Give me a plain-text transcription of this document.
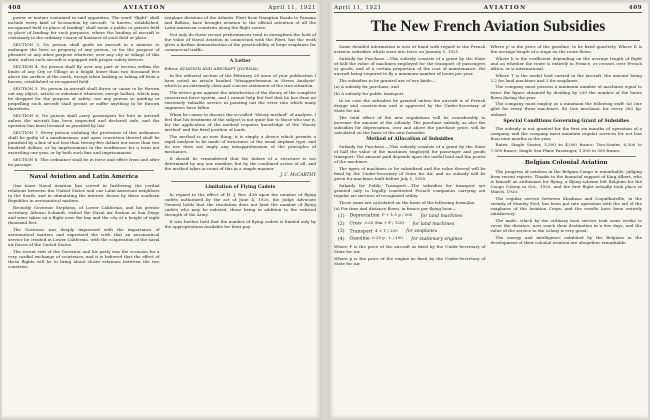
408	AVIATION	April 11, 1921

power or motors contained in said apparatus. The word "flight" shall include every kind of locomotion by aircraft. "A known, established, recognized field or place of landing" shall mean a public or private field or place of landing for such purposes, where the landing of aircraft is customary in the ordinary course of business of such field or place.

SECTION 3. No person shall guide an aircraft in a manner to endanger the lives or property of any person, or for the purpose of pleasure or any other purpose whatever, over any city or village of this state, unless such aircraft is equipped with proper safety devices.

SECTION 4. No person shall fly over any part or section within the limits of any City or Village at a height lower than two thousand feet above the surface of the earth, except when landing or taking off from a known, established or recognized field.

SECTION 5. No person in aircraft shall throw or cause to be thrown out any object, article or substance whatever, except ballast, which may be dropped for the purpose of safety; nor any person so guiding or propelling such aircraft shall permit or suffer anything to be thrown therefrom.

SECTION 6. No person shall carry passengers for hire in aircraft unless the aircraft has been inspected and declared safe, and the operator has been licensed as provided by law.

SECTION 7. Every person violating the provisions of this ordinance shall be guilty of a misdemeanor, and upon conviction thereof shall be punished by a fine of not less than twenty-five dollars nor more than two hundred dollars, or by imprisonment in the workhouse for a term not exceeding one year, or by both such fine and imprisonment.

SECTION 8. This ordinance shall be in force and effect from and after its passage.

Naval Aviation and Latin America

One more Naval Aviation has scored in furthering the cordial relations between the United States and our Latin-American neighbors to the South, and in stimulating the interest shown by these southern Republics in aeronautical matters.

Recently Governor Stephens, of Lower California, and his private secretary, Alfonso Schmidt, visited the Naval Air Station at San Diego and were taken on a flight over the bay and the city at a height of eight thousand feet.

The Governor was deeply impressed with the importance of aeronautical matters and expressed the wish that an aeronautical service be created in Lower California, with the cooperation of the naval air forces of the United States.

The recent visit of the Governor and his party was the occasion for a very cordial exchange of courtesies, and it is believed that the effect of these flights will be to bring about closer relations between the two countries.

seaplane divisions of the Atlantic Fleet from Hampton Roads to Panama and Balboa, have brought aviation to the official attention of all the Latin-American countries along the flight routes.

Not only do these recent performances tend to strengthen the hold of the value of Naval Aviation in connection with the Fleet, but the work gives a further demonstration of the practicability of large seaplanes for commercial traffic.

A Letter

Editor, AVIATION AND AIRCRAFT JOURNAL:

In the editorial section of the February 28 issue of your publication I have noted an article headed "Misapprehension in Stress Analysis" which is an extremely clear and concise statement of the true situation.

The writer goes against the introduction of the theory of the complete concurrent force system, and I cannot help but feel that he has done an extremely valuable service in pointing out the error into which many engineers have fallen.

When he comes to discuss the so-called "theory method" of analysis, I feel that his treatment of the subject is not quite fair to those who use it, for the application of the method requires knowledge of the 'theory method' and the fixed position of loads.

The method is no new thing; it is simply a device which permits a rapid analysis to be made of structures of the usual airplane type, and its use does not imply any misapprehension of the principles of mechanics.

It should be remembered that the failure of a structure is not determined by any one member, but by the combined action of all, and the method takes account of this in a simple manner.

J. C. McCARTHY
Limitation of Flying Cadets

In regard to the effect of H. J. Res. 438 upon the number of flying cadets authorized by the act of June 4, 1920, the Judge Advocate General holds that the resolution does not limit the number of flying cadets who may be enlisted, these being in addition to the enlisted strength of the Army.

It was further held that the number of flying cadets is limited only by the appropriations available for their pay.

April 11, 1921	AVIATION	409
The New French Aviation Subsidies

Some detailed information is now at hand with regard to the French aviation subsidies which went into force on January 1, 1921.

Subsidy for Purchase.—This subsidy consists of a grant by the State of half the value of machines employed for the transport of passengers or goods, and of a certain proportion of the cost of maintenance, the aircraft being required to fly a minimum number of hours per year.

The subsidies to be granted are of two kinds—

(a) A subsidy for purchase, and

(b) A subsidy for public transport.

In no case the subsidies be granted unless the aircraft is of French design and construction and is approved by the Under-Secretary of State for Air.

The total effect of the new regulations will be considerably to increase the amount of the subsidy. The purchase subsidy, as also the subsidies for depreciation, over and above the purchase price, will be calculated on the basis of the new formulae.

Method of Allocation of Subsidies

Subsidy for Purchase.—This subsidy consists of a grant by the State of half the value of the machines employed for passenger and goods transport. The amount paid depends upon the useful load and the power of the machines.

The types of machines to be subsidized and the value thereof will be fixed by the Under-Secretary of State for Air, and no subsidy will be given for machines built before July 1, 1920.

Subsidy for Public Transport.—The subsidies for transport are granted only to legally constituted French companies carrying out regular air services of recognized utility.

These sums are calculated on the basis of the following formulae:

(a) For time and distance flown, in francs per flying hour—

(1) Depreciation P + 1.5 p / 200 for land machines
(2) Crew 0.25 (8m + P / 120) for land machines
(3) Transport 4 × T / 200 for seaplanes
(4) Gasoline 0.25 p · L / 100 for stationary engines

Where P is the price of the aircraft as fixed by the Under-Secretary of State for Air,

Where p is the price of the engine as fixed by the Under-Secretary of State for Air.

Where p' is the price of the gasoline, to be fixed quarterly. Where R is the average length of a stage on the route flown.

Where h is the coefficient depending on the average length of flight and on whether the route is entirely in France, or crosses over French Africa, or is international.

Where T is the useful load carried in the aircraft, the amount being 2.2 for land machines and 3 for seaplanes.

The company must possess a minimum number of machines equal to twice the figure obtained by dividing by 200 the number of the hours flown during the year.

The company must employ as a minimum the following staff: (a) One pilot for every three machines; (b) One mechanic for every 300 hp. utilized.

Special Conditions Governing Grant of Subsidies

The subsidy is not granted for the first six months of operation of a company, and the company must maintain regular services for not less than nine months in the year.

Rates: Single Seater, 3,500 to 4,000 francs; Two-Seater, 6,500 to 7,500 francs; Single Sea-Plane Passenger, 1,500 to 500 francs.

Belgian Colonial Aviation

The progress of aviation in the Belgian Congo is remarkable, judging from recent reports. Thanks to the financial support of King Albert, who is himself an enthusiast for flying, a flying scheme left Belgium for the Congo Colony in Oct., 1920, and the first flight actually took place in March, 1920.

The regular service between Kinshasa and Coquilhatville, in the vicinity of Stanley Pool, has been put into operation with the aid of the seaplanes of the Aviation Corps, and the results have been entirely satisfactory.

The mails, which by the ordinary boat service took some weeks to cover the distance, now reach their destination in a few days, and the value of the service to the colony is very great.

The energy and intelligence exhibited by the Belgians in the development of their colonial aviation are altogether remarkable.
